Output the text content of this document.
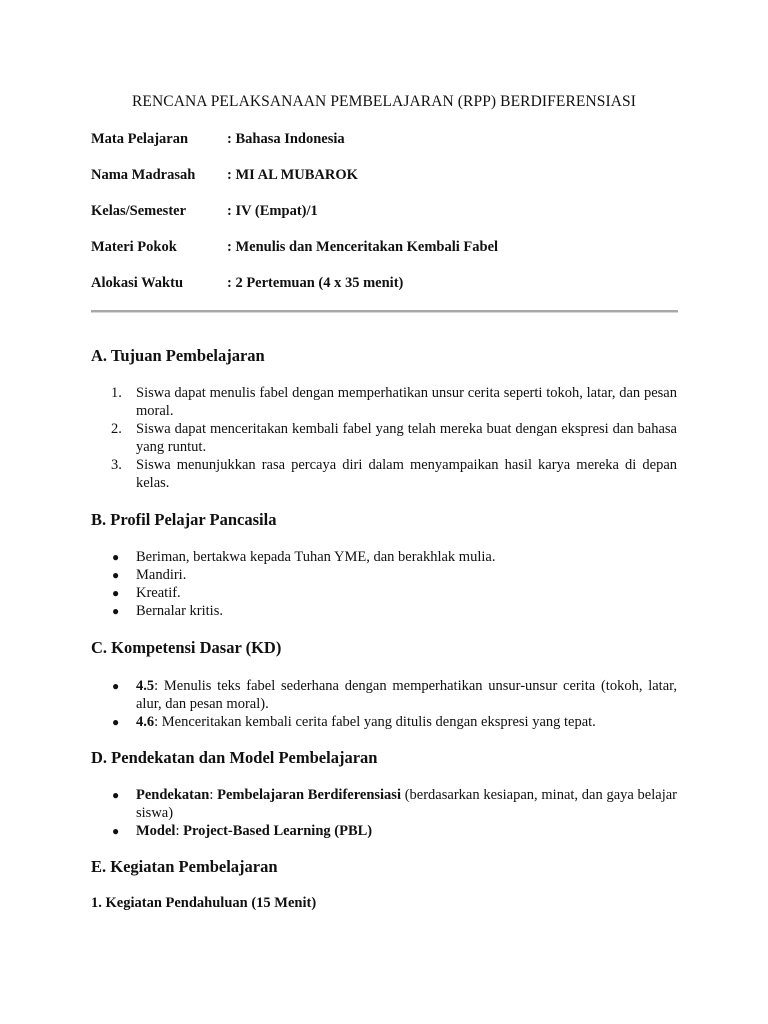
RENCANA PELAKSANAAN PEMBELAJARAN (RPP) BERDIFERENSIASI
Mata Pelajaran	: Bahasa Indonesia
Nama Madrasah : MI AL MUBAROK
Kelas/Semester	: IV (Empat)/1
Materi Pokok	: Menulis dan Menceritakan Kembali Fabel
Alokasi Waktu	: 2 Pertemuan (4 x 35 menit)
A. Tujuan Pembelajaran
1. Siswa dapat menulis fabel dengan memperhatikan unsur cerita seperti tokoh, latar, dan pesan moral.
2. Siswa dapat menceritakan kembali fabel yang telah mereka buat dengan ekspresi dan bahasa yang runtut.
3. Siswa menunjukkan rasa percaya diri dalam menyampaikan hasil karya mereka di depan kelas.
B. Profil Pelajar Pancasila
● Beriman, bertakwa kepada Tuhan YME, dan berakhlak mulia.
● Mandiri.
● Kreatif.
● Bernalar kritis.
C. Kompetensi Dasar (KD)
● 4.5: Menulis teks fabel sederhana dengan memperhatikan unsur-unsur cerita (tokoh, latar, alur, dan pesan moral).
● 4.6: Menceritakan kembali cerita fabel yang ditulis dengan ekspresi yang tepat.
D. Pendekatan dan Model Pembelajaran
● Pendekatan: Pembelajaran Berdiferensiasi (berdasarkan kesiapan, minat, dan gaya belajar siswa)
● Model: Project-Based Learning (PBL)
E. Kegiatan Pembelajaran
1. Kegiatan Pendahuluan (15 Menit)
